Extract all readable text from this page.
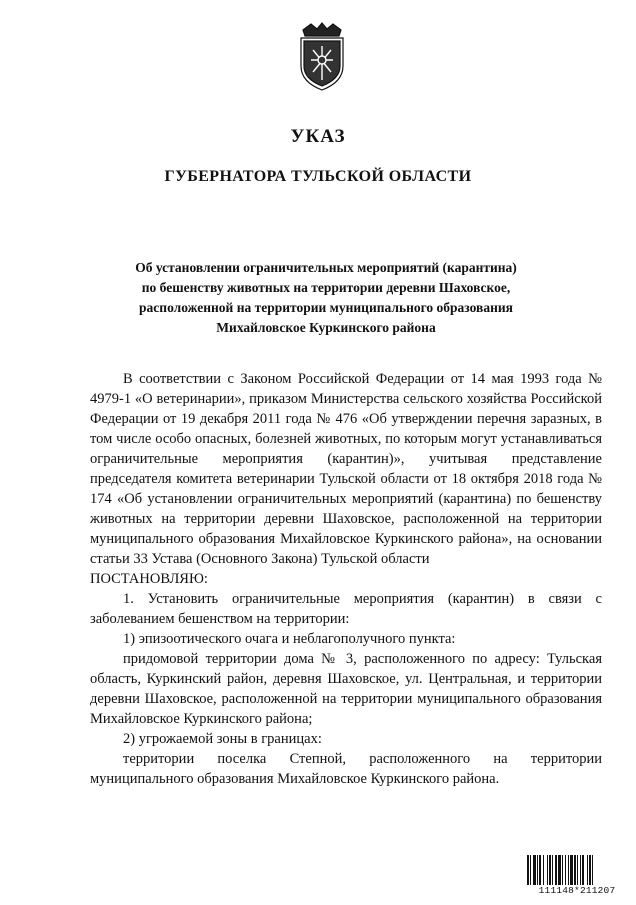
УКАЗ
ГУБЕРНАТОРА ТУЛЬСКОЙ ОБЛАСТИ
Об установлении ограничительных мероприятий (карантина)
по бешенству животных на территории деревни Шаховское,
расположенной на территории муниципального образования
Михайловское Куркинского района

В соответствии с Законом Российской Федерации от 14 мая 1993 года № 4979-1 «О ветеринарии», приказом Министерства сельского хозяйства Российской Федерации от 19 декабря 2011 года № 476 «Об утверждении перечня заразных, в том числе особо опасных, болезней животных, по которым могут устанавливаться ограничительные мероприятия (карантин)», учитывая представление председателя комитета ветеринарии Тульской области от 18 октября 2018 года № 174 «Об установлении ограничительных мероприятий (карантина) по бешенству животных на территории деревни Шаховское, расположенной на территории муниципального образования Михайловское Куркинского района», на основании статьи 33 Устава (Основного Закона) Тульской области

ПОСТАНОВЛЯЮ:

1. Установить ограничительные мероприятия (карантин) в связи с заболеванием бешенством на территории:

1) эпизоотического очага и неблагополучного пункта:

придомовой территории дома № 3, расположенного по адресу: Тульская область, Куркинский район, деревня Шаховское, ул. Центральная, и территории деревни Шаховское, расположенной на территории муниципального образования Михайловское Куркинского района;

2) угрожаемой зоны в границах:

территории поселка Степной, расположенного на территории муниципального образования Михайловское Куркинского района.

111148*211207
